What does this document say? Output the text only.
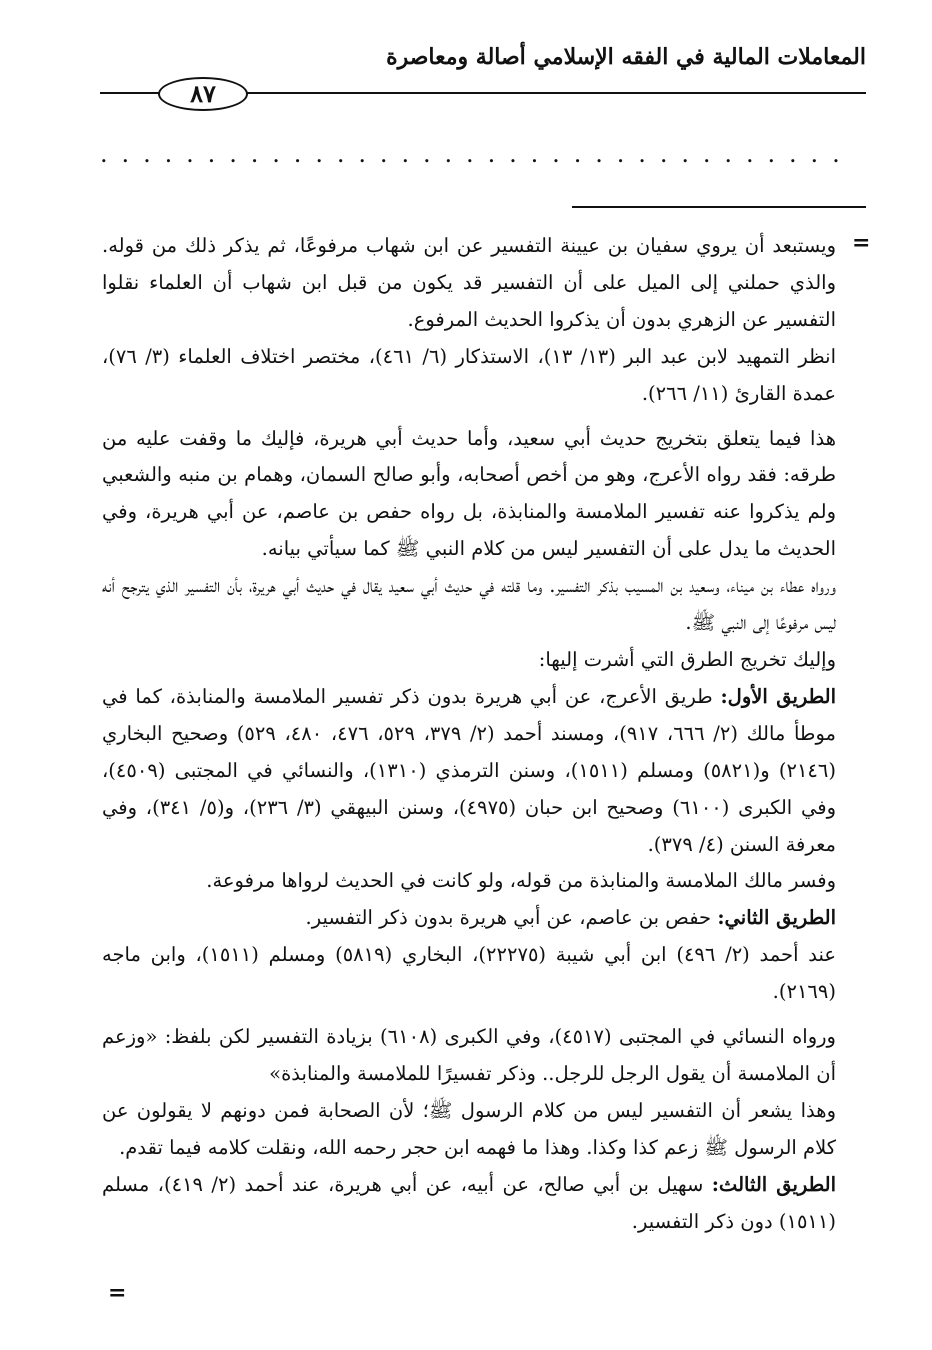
المعاملات المالية في الفقه الإسلامي أصالة ومعاصرة
٨٧
. . . . . . . . . . . . . . . . . . . . . . . . . . . . . . . . . . .
=

ويستبعد أن يروي سفيان بن عيينة التفسير عن ابن شهاب مرفوعًا، ثم يذكر ذلك من قوله. والذي حملني إلى الميل على أن التفسير قد يكون من قبل ابن شهاب أن العلماء نقلوا التفسير عن الزهري بدون أن يذكروا الحديث المرفوع.

انظر التمهيد لابن عبد البر (١٣/ ١٣)، الاستذكار (٦/ ٤٦١)، مختصر اختلاف العلماء (٣/ ٧٦)، عمدة القارئ (١١/ ٢٦٦).

هذا فيما يتعلق بتخريج حديث أبي سعيد، وأما حديث أبي هريرة، فإليك ما وقفت عليه من طرقه: فقد رواه الأعرج، وهو من أخص أصحابه، وأبو صالح السمان، وهمام بن منبه والشعبي ولم يذكروا عنه تفسير الملامسة والمنابذة، بل رواه حفص بن عاصم، عن أبي هريرة، وفي الحديث ما يدل على أن التفسير ليس من كلام النبي ﷺ كما سيأتي بيانه.

ورواه عطاء بن ميناء، وسعيد بن المسيب بذكر التفسير. وما قلته في حديث أبي سعيد يقال في حديث أبي هريرة، بأن التفسير الذي يترجح أنه ليس مرفوعًا إلى النبي ﷺ.

وإليك تخريج الطرق التي أشرت إليها:

الطريق الأول: طريق الأعرج، عن أبي هريرة بدون ذكر تفسير الملامسة والمنابذة، كما في موطأ مالك (٢/ ٦٦٦، ٩١٧)، ومسند أحمد (٢/ ٣٧٩، ٥٢٩، ٤٧٦، ٤٨٠، ٥٢٩) وصحيح البخاري (٢١٤٦) و(٥٨٢١) ومسلم (١٥١١)، وسنن الترمذي (١٣١٠)، والنسائي في المجتبى (٤٥٠٩)، وفي الكبرى (٦١٠٠) وصحيح ابن حبان (٤٩٧٥)، وسنن البيهقي (٣/ ٢٣٦)، و(٥/ ٣٤١)، وفي معرفة السنن (٤/ ٣٧٩).

وفسر مالك الملامسة والمنابذة من قوله، ولو كانت في الحديث لرواها مرفوعة.

الطريق الثاني: حفص بن عاصم، عن أبي هريرة بدون ذكر التفسير.

عند أحمد (٢/ ٤٩٦) ابن أبي شيبة (٢٢٢٧٥)، البخاري (٥٨١٩) ومسلم (١٥١١)، وابن ماجه (٢١٦٩).

ورواه النسائي في المجتبى (٤٥١٧)، وفي الكبرى (٦١٠٨) بزيادة التفسير لكن بلفظ: «وزعم أن الملامسة أن يقول الرجل للرجل.. وذكر تفسيرًا للملامسة والمنابذة»

وهذا يشعر أن التفسير ليس من كلام الرسول ﷺ؛ لأن الصحابة فمن دونهم لا يقولون عن كلام الرسول ﷺ زعم كذا وكذا. وهذا ما فهمه ابن حجر رحمه الله، ونقلت كلامه فيما تقدم.

الطريق الثالث: سهيل بن أبي صالح، عن أبيه، عن أبي هريرة، عند أحمد (٢/ ٤١٩)، مسلم (١٥١١) دون ذكر التفسير.

=
